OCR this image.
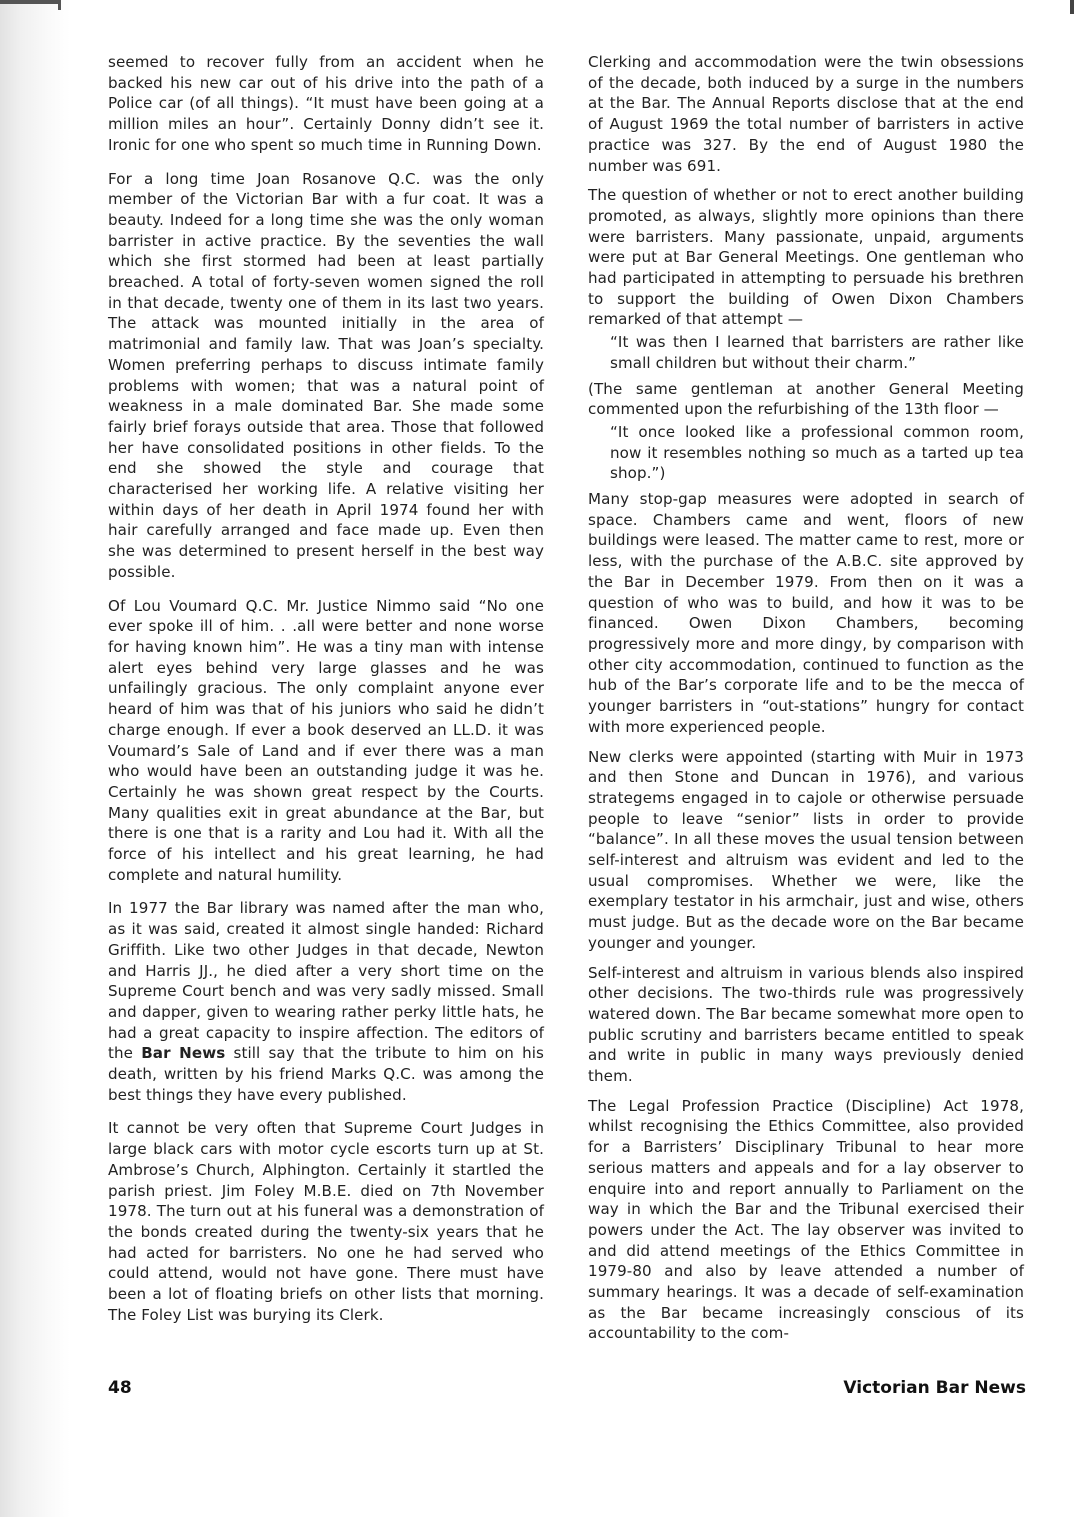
seemed to recover fully from an accident when he backed his new car out of his drive into the path of a Police car (of all things). “It must have been going at a million miles an hour”. Certainly Donny didn’t see it. Ironic for one who spent so much time in Running Down.

For a long time Joan Rosanove Q.C. was the only member of the Victorian Bar with a fur coat. It was a beauty. Indeed for a long time she was the only woman barrister in active practice. By the seventies the wall which she first stormed had been at least partially breached. A total of forty-seven women signed the roll in that decade, twenty one of them in its last two years. The attack was mounted initially in the area of matrimonial and family law. That was Joan’s specialty. Women preferring perhaps to discuss intimate family problems with women; that was a natural point of weakness in a male dominated Bar. She made some fairly brief forays outside that area. Those that followed her have consolidated positions in other fields. To the end she showed the style and courage that characterised her working life. A relative visiting her within days of her death in April 1974 found her with hair carefully arranged and face made up. Even then she was determined to present herself in the best way possible.

Of Lou Voumard Q.C. Mr. Justice Nimmo said “No one ever spoke ill of him. . .all were better and none worse for having known him”. He was a tiny man with intense alert eyes behind very large glasses and he was unfailingly gracious. The only complaint anyone ever heard of him was that of his juniors who said he didn’t charge enough. If ever a book deserved an LL.D. it was Voumard’s Sale of Land and if ever there was a man who would have been an outstanding judge it was he. Certainly he was shown great respect by the Courts. Many qualities exit in great abundance at the Bar, but there is one that is a rarity and Lou had it. With all the force of his intellect and his great learning, he had complete and natural humility.

In 1977 the Bar library was named after the man who, as it was said, created it almost single handed: Richard Griffith. Like two other Judges in that decade, Newton and Harris JJ., he died after a very short time on the Supreme Court bench and was very sadly missed. Small and dapper, given to wearing rather perky little hats, he had a great capacity to inspire affection. The editors of the Bar News still say that the tribute to him on his death, written by his friend Marks Q.C. was among the best things they have every published.

It cannot be very often that Supreme Court Judges in large black cars with motor cycle escorts turn up at St. Ambrose’s Church, Alphington. Certainly it startled the parish priest. Jim Foley M.B.E. died on 7th November 1978. The turn out at his funeral was a demonstration of the bonds created during the twenty-six years that he had acted for barristers. No one he had served who could attend, would not have gone. There must have been a lot of floating briefs on other lists that morning. The Foley List was burying its Clerk.

Clerking and accommodation were the twin obsessions of the decade, both induced by a surge in the numbers at the Bar. The Annual Reports disclose that at the end of August 1969 the total number of barristers in active practice was 327. By the end of August 1980 the number was 691.

The question of whether or not to erect another building promoted, as always, slightly more opinions than there were barristers. Many passionate, unpaid, arguments were put at Bar General Meetings. One gentleman who had participated in attempting to persuade his brethren to support the building of Owen Dixon Chambers remarked of that attempt —

“It was then I learned that barristers are rather like small children but without their charm.”

(The same gentleman at another General Meeting commented upon the refurbishing of the 13th floor —

“It once looked like a professional common room, now it resembles nothing so much as a tarted up tea shop.”)

Many stop-gap measures were adopted in search of space. Chambers came and went, floors of new buildings were leased. The matter came to rest, more or less, with the purchase of the A.B.C. site approved by the Bar in December 1979. From then on it was a question of who was to build, and how it was to be financed. Owen Dixon Chambers, becoming progressively more and more dingy, by comparison with other city accommodation, continued to function as the hub of the Bar’s corporate life and to be the mecca of younger barristers in “out-stations” hungry for contact with more experienced people.

New clerks were appointed (starting with Muir in 1973 and then Stone and Duncan in 1976), and various strategems engaged in to cajole or otherwise persuade people to leave “senior” lists in order to provide “balance”. In all these moves the usual tension between self-interest and altruism was evident and led to the usual compromises. Whether we were, like the exemplary testator in his armchair, just and wise, others must judge. But as the decade wore on the Bar became younger and younger.

Self-interest and altruism in various blends also inspired other decisions. The two-thirds rule was progressively watered down. The Bar became somewhat more open to public scrutiny and barristers became entitled to speak and write in public in many ways previously denied them.

The Legal Profession Practice (Discipline) Act 1978, whilst recognising the Ethics Committee, also provided for a Barristers’ Disciplinary Tribunal to hear more serious matters and appeals and for a lay observer to enquire into and report annually to Parliament on the way in which the Bar and the Tribunal exercised their powers under the Act. The lay observer was invited to and did attend meetings of the Ethics Committee in 1979-80 and also by leave attended a number of summary hearings. It was a decade of self-examination as the Bar became increasingly conscious of its accountability to the com-

48	Victorian Bar News
